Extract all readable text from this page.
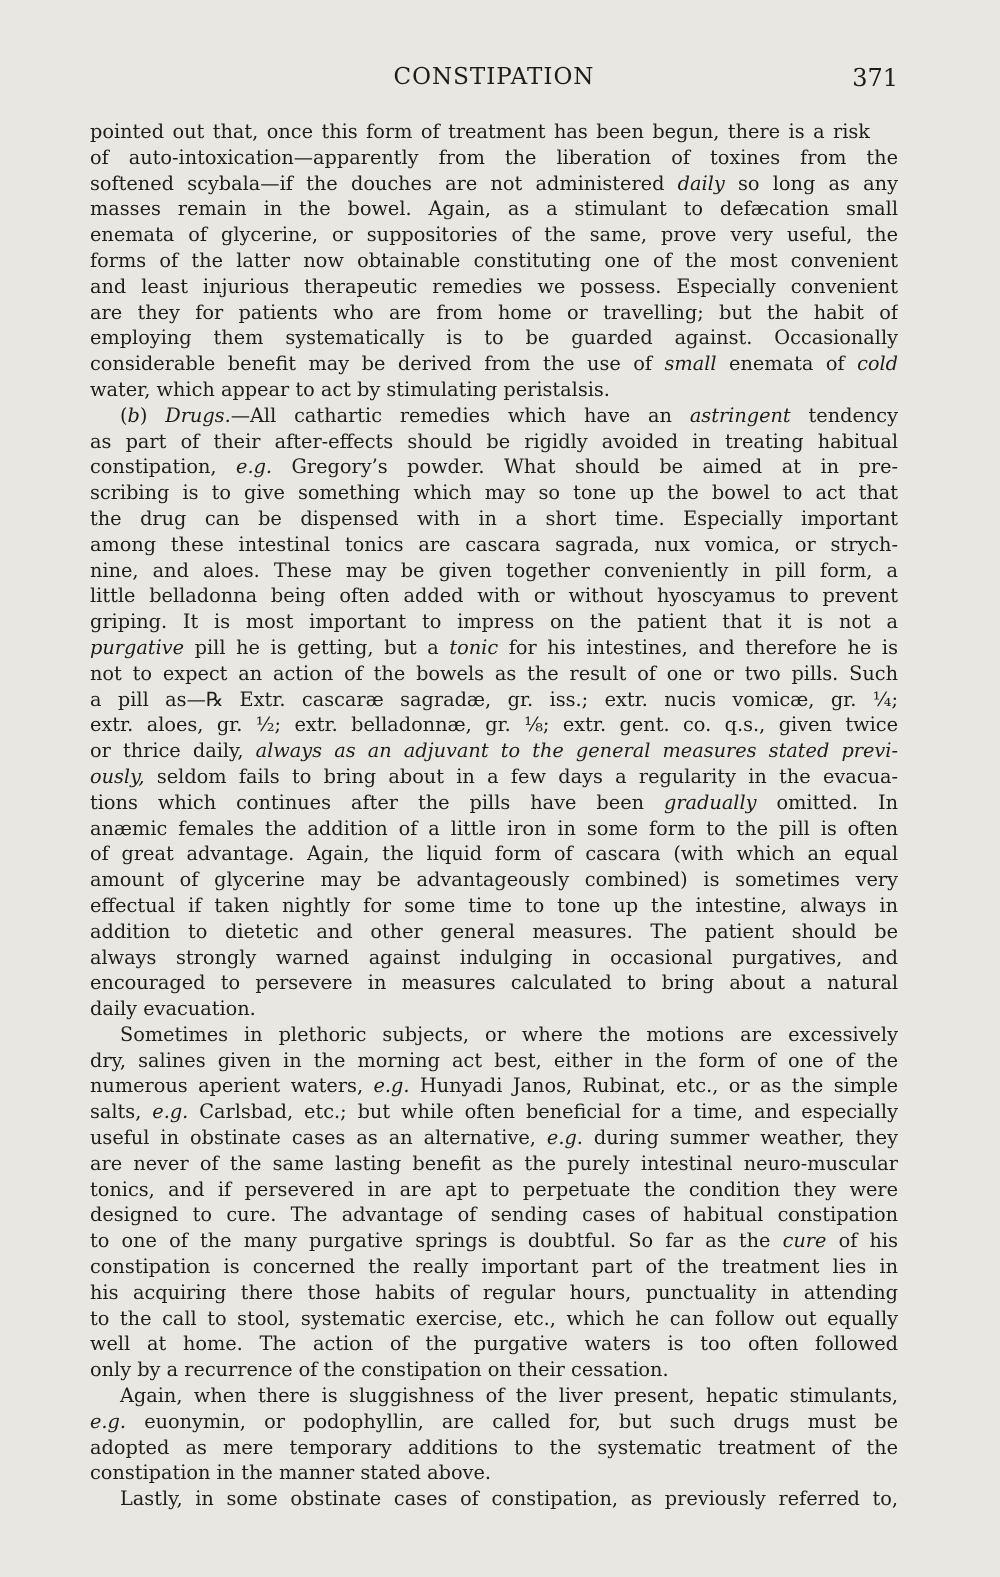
CONSTIPATION	371
pointed out that, once this form of treatment has been begun, there is a risk
of auto-intoxication—apparently from the liberation of toxines from the
softened scybala—if the douches are not administered daily so long as any
masses remain in the bowel. Again, as a stimulant to defæcation small
enemata of glycerine, or suppositories of the same, prove very useful, the
forms of the latter now obtainable constituting one of the most convenient
and least injurious therapeutic remedies we possess. Especially convenient
are they for patients who are from home or travelling; but the habit of
employing them systematically is to be guarded against. Occasionally
considerable benefit may be derived from the use of small enemata of cold
water, which appear to act by stimulating peristalsis.
(b) Drugs.—All cathartic remedies which have an astringent tendency
as part of their after-effects should be rigidly avoided in treating habitual
constipation, e.g. Gregory’s powder. What should be aimed at in pre-
scribing is to give something which may so tone up the bowel to act that
the drug can be dispensed with in a short time. Especially important
among these intestinal tonics are cascara sagrada, nux vomica, or strych-
nine, and aloes. These may be given together conveniently in pill form, a
little belladonna being often added with or without hyoscyamus to prevent
griping. It is most important to impress on the patient that it is not a
purgative pill he is getting, but a tonic for his intestines, and therefore he is
not to expect an action of the bowels as the result of one or two pills. Such
a pill as—℞ Extr. cascaræ sagradæ, gr. iss.; extr. nucis vomicæ, gr. ¼;
extr. aloes, gr. ½; extr. belladonnæ, gr. ⅛; extr. gent. co. q.s., given twice
or thrice daily, always as an adjuvant to the general measures stated previ-
ously, seldom fails to bring about in a few days a regularity in the evacua-
tions which continues after the pills have been gradually omitted. In
anæmic females the addition of a little iron in some form to the pill is often
of great advantage. Again, the liquid form of cascara (with which an equal
amount of glycerine may be advantageously combined) is sometimes very
effectual if taken nightly for some time to tone up the intestine, always in
addition to dietetic and other general measures. The patient should be
always strongly warned against indulging in occasional purgatives, and
encouraged to persevere in measures calculated to bring about a natural
daily evacuation.
Sometimes in plethoric subjects, or where the motions are excessively
dry, salines given in the morning act best, either in the form of one of the
numerous aperient waters, e.g. Hunyadi Janos, Rubinat, etc., or as the simple
salts, e.g. Carlsbad, etc.; but while often beneficial for a time, and especially
useful in obstinate cases as an alternative, e.g. during summer weather, they
are never of the same lasting benefit as the purely intestinal neuro-muscular
tonics, and if persevered in are apt to perpetuate the condition they were
designed to cure. The advantage of sending cases of habitual constipation
to one of the many purgative springs is doubtful. So far as the cure of his
constipation is concerned the really important part of the treatment lies in
his acquiring there those habits of regular hours, punctuality in attending
to the call to stool, systematic exercise, etc., which he can follow out equally
well at home. The action of the purgative waters is too often followed
only by a recurrence of the constipation on their cessation.
Again, when there is sluggishness of the liver present, hepatic stimulants,
e.g. euonymin, or podophyllin, are called for, but such drugs must be
adopted as mere temporary additions to the systematic treatment of the
constipation in the manner stated above.
Lastly, in some obstinate cases of constipation, as previously referred to,
